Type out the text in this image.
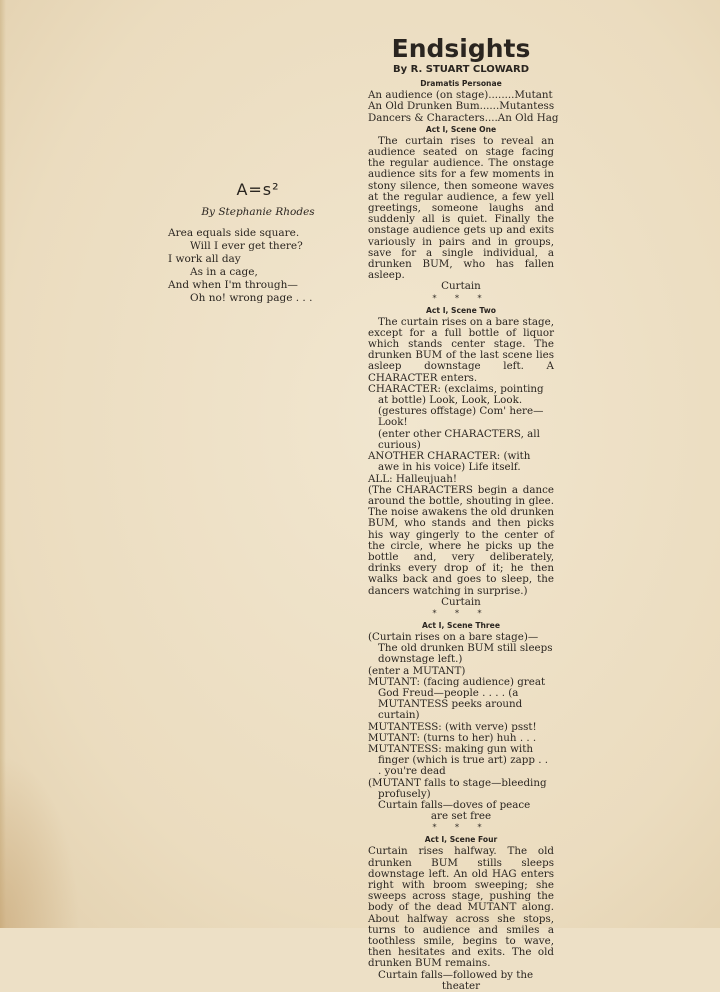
A=s²
By Stephanie Rhodes
Area equals side square.
Will I ever get there?
I work all day
As in a cage,
And when I'm through—
Oh no! wrong page . . .
Endsights
By R. STUART CLOWARD
Dramatis Personae
An audience (on stage)........Mutant
An Old Drunken Bum......Mutantess
Dancers & Characters....An Old Hag
Act I, Scene One

The curtain rises to reveal an audience seated on stage facing the regular audience. The onstage audience sits for a few moments in stony silence, then someone waves at the regular audience, a few yell greetings, someone laughs and suddenly all is quiet. Finally the onstage audience gets up and exits variously in pairs and in groups, save for a single individual, a drunken BUM, who has fallen asleep.

Curtain

* * *
Act I, Scene Two

The curtain rises on a bare stage, except for a full bottle of liquor which stands center stage. The drunken BUM of the last scene lies asleep downstage left. A CHARACTER enters.

CHARACTER: (exclaims, pointing at bottle) Look, Look, Look. (gestures offstage) Com' here—Look!

(enter other CHARACTERS, all curious)

ANOTHER CHARACTER: (with awe in his voice) Life itself.

ALL: Halleujuah!

(The CHARACTERS begin a dance around the bottle, shouting in glee. The noise awakens the old drunken BUM, who stands and then picks his way gingerly to the center of the circle, where he picks up the bottle and, very deliberately, drinks every drop of it; he then walks back and goes to sleep, the dancers watching in surprise.)

Curtain

* * *
Act I, Scene Three

(Curtain rises on a bare stage)—

The old drunken BUM still sleeps downstage left.)

(enter a MUTANT)

MUTANT: (facing audience) great God Freud—people . . . . (a MUTANTESS peeks around curtain)

MUTANTESS: (with verve) psst!

MUTANT: (turns to her) huh . . .

MUTANTESS: making gun with finger (which is true art) zapp . . . you're dead

(MUTANT falls to stage—bleeding profusely)

Curtain falls—doves of peace

are set free

* * *
Act I, Scene Four

Curtain rises halfway. The old drunken BUM stills sleeps downstage left. An old HAG enters right with broom sweeping; she sweeps across stage, pushing the body of the dead MUTANT along. About halfway across she stops, turns to audience and smiles a toothless smile, begins to wave, then hesitates and exits. The old drunken BUM remains.

Curtain falls—followed by the

theater
